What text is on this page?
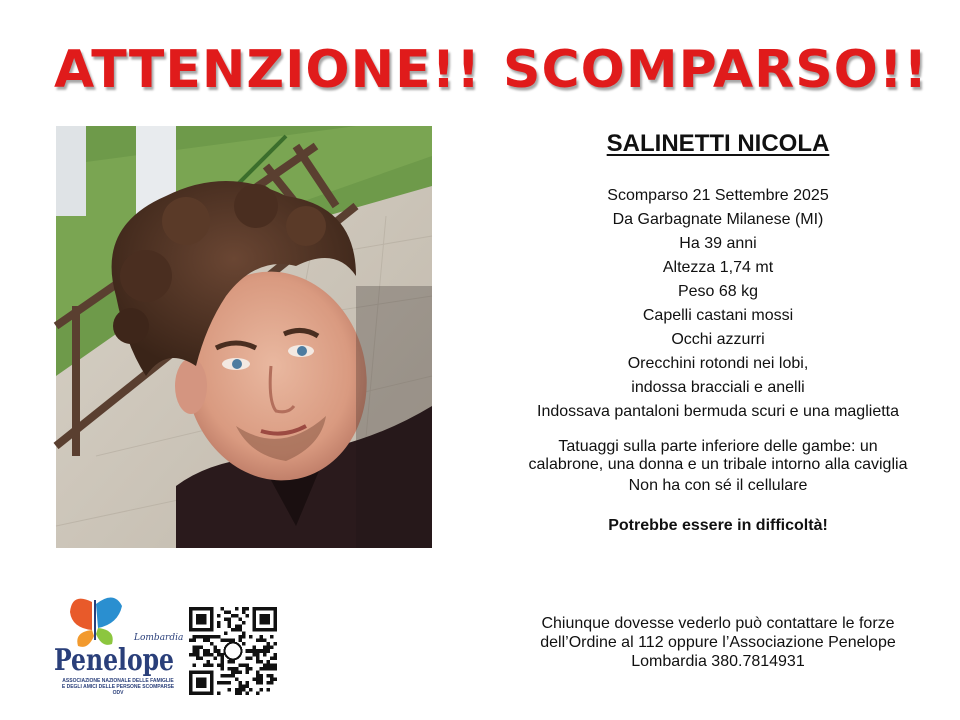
ATTENZIONE!! SCOMPARSO!!
SALINETTI NICOLA
Scomparso 21 Settembre 2025
Da Garbagnate Milanese (MI)
Ha 39 anni
Altezza 1,74 mt
Peso 68 kg
Capelli castani mossi
Occhi azzurri
Orecchini rotondi nei lobi,
indossa bracciali e anelli
Indossava pantaloni bermuda scuri e una maglietta
Tatuaggi sulla parte inferiore delle gambe: un
calabrone, una donna e un tribale intorno alla caviglia
Non ha con sé il cellulare
Potrebbe essere in difficoltà!
Chiunque dovesse vederlo può contattare le forze
dell’Ordine al 112 oppure l’Associazione Penelope
Lombardia 380.7814931
Lombardia
Penelope
ASSOCIAZIONE NAZIONALE DELLE FAMIGLIE
E DEGLI AMICI DELLE PERSONE SCOMPARSE
ODV
